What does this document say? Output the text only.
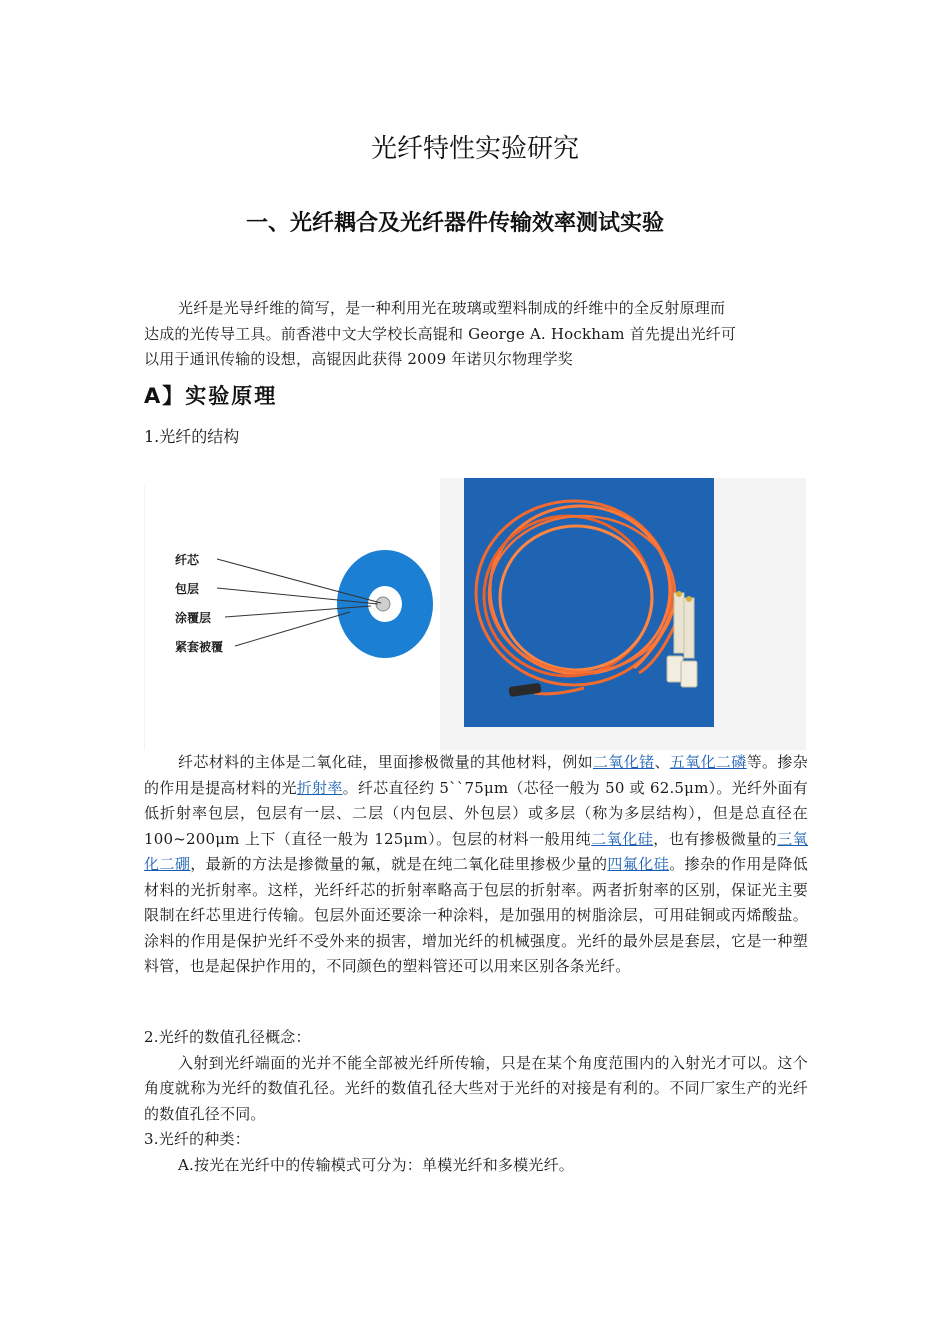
光纤特性实验研究
一、光纤耦合及光纤器件传输效率测试实验

光纤是光导纤维的简写，是一种利用光在玻璃或塑料制成的纤维中的全反射原理而

达成的光传导工具。前香港中文大学校长高锟和 George A. Hockham 首先提出光纤可

以用于通讯传输的设想，高锟因此获得 2009 年诺贝尔物理学奖

A】实验原理
1.光纤的结构
纤芯
包层
涂覆层
紧套被覆

纤芯材料的主体是二氧化硅，里面掺极微量的其他材料，例如二氧化锗、五氧化二磷等。掺杂的作用是提高材料的光折射率。纤芯直径约 5``75μm（芯径一般为 50 或 62.5μm）。光纤外面有低折射率包层，包层有一层、二层（内包层、外包层）或多层（称为多层结构），但是总直径在 100~200μm 上下（直径一般为 125μm）。包层的材料一般用纯二氧化硅，也有掺极微量的三氧化二硼，最新的方法是掺微量的氟，就是在纯二氧化硅里掺极少量的四氟化硅。掺杂的作用是降低材料的光折射率。这样，光纤纤芯的折射率略高于包层的折射率。两者折射率的区别，保证光主要限制在纤芯里进行传输。包层外面还要涂一种涂料，是加强用的树脂涂层，可用硅铜或丙烯酸盐。涂料的作用是保护光纤不受外来的损害，增加光纤的机械强度。光纤的最外层是套层，它是一种塑料管，也是起保护作用的，不同颜色的塑料管还可以用来区别各条光纤。

2.光纤的数值孔径概念：

入射到光纤端面的光并不能全部被光纤所传输，只是在某个角度范围内的入射光才可以。这个角度就称为光纤的数值孔径。光纤的数值孔径大些对于光纤的对接是有利的。不同厂家生产的光纤的数值孔径不同。

3.光纤的种类：

A.按光在光纤中的传输模式可分为：单模光纤和多模光纤。
